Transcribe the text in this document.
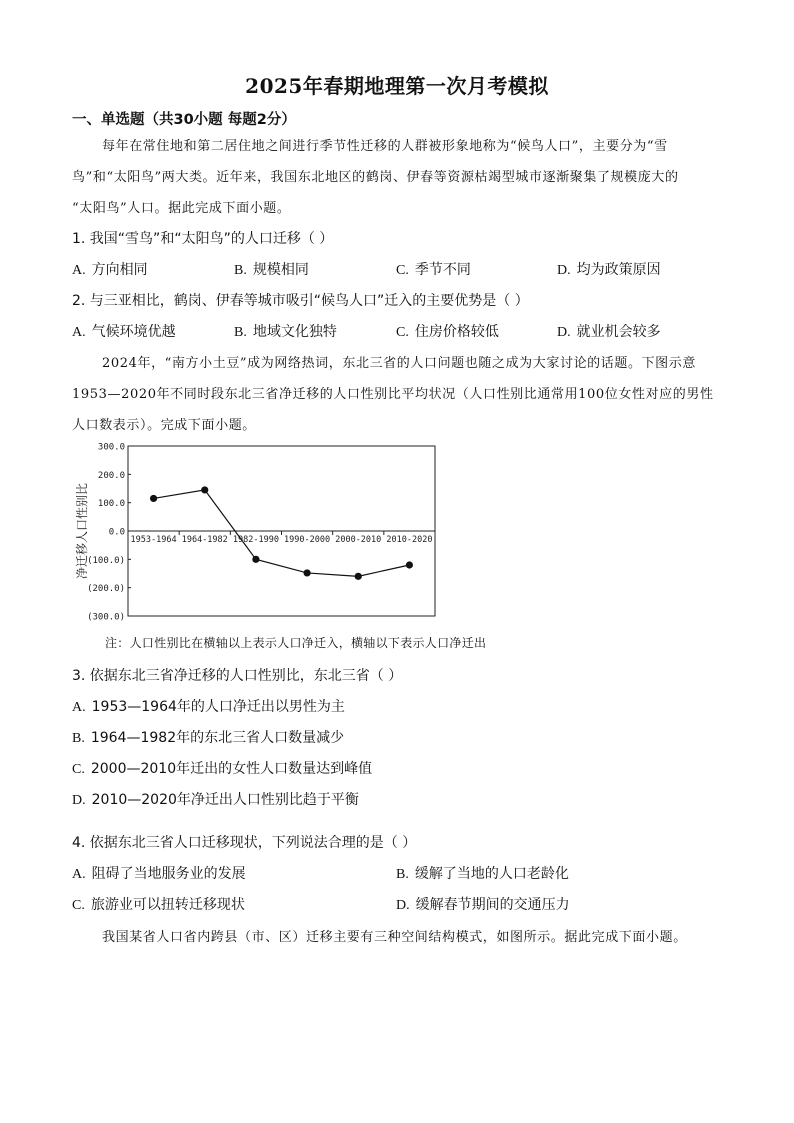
2025年春期地理第一次月考模拟
一、单选题（共30小题 每题2分）
每年在常住地和第二居住地之间进行季节性迁移的人群被形象地称为“候鸟人口”，主要分为“雪
鸟”和“太阳鸟”两大类。近年来，我国东北地区的鹤岗、伊春等资源枯竭型城市逐渐聚集了规模庞大的
“太阳鸟”人口。据此完成下面小题。
1. 我国“雪鸟”和“太阳鸟”的人口迁移（ ）
A. 方向相同	B. 规模相同	C. 季节不同	D. 均为政策原因
2. 与三亚相比，鹤岗、伊春等城市吸引“候鸟人口”迁入的主要优势是（ ）
A. 气候环境优越	B. 地域文化独特	C. 住房价格较低	D. 就业机会较多
2024年，“南方小土豆”成为网络热词，东北三省的人口问题也随之成为大家讨论的话题。下图示意
1953—2020年不同时段东北三省净迁移的人口性别比平均状况（人口性别比通常用100位女性对应的男性
人口数表示）。完成下面小题。
300.0
200.0
100.0
0.0
(100.0)
(200.0)
(300.0)
1953-1964 1964-1982 1982-1990 1990-2000 2000-2010 2010-2020
净迁移人口性别比
注：人口性别比在横轴以上表示人口净迁入，横轴以下表示人口净迁出
3. 依据东北三省净迁移的人口性别比，东北三省（ ）
A. 1953—1964年的人口净迁出以男性为主
B. 1964—1982年的东北三省人口数量减少
C. 2000—2010年迁出的女性人口数量达到峰值
D. 2010—2020年净迁出人口性别比趋于平衡
4. 依据东北三省人口迁移现状，下列说法合理的是（ ）
A. 阻碍了当地服务业的发展	B. 缓解了当地的人口老龄化
C. 旅游业可以扭转迁移现状	D. 缓解春节期间的交通压力
我国某省人口省内跨县（市、区）迁移主要有三种空间结构模式，如图所示。据此完成下面小题。
